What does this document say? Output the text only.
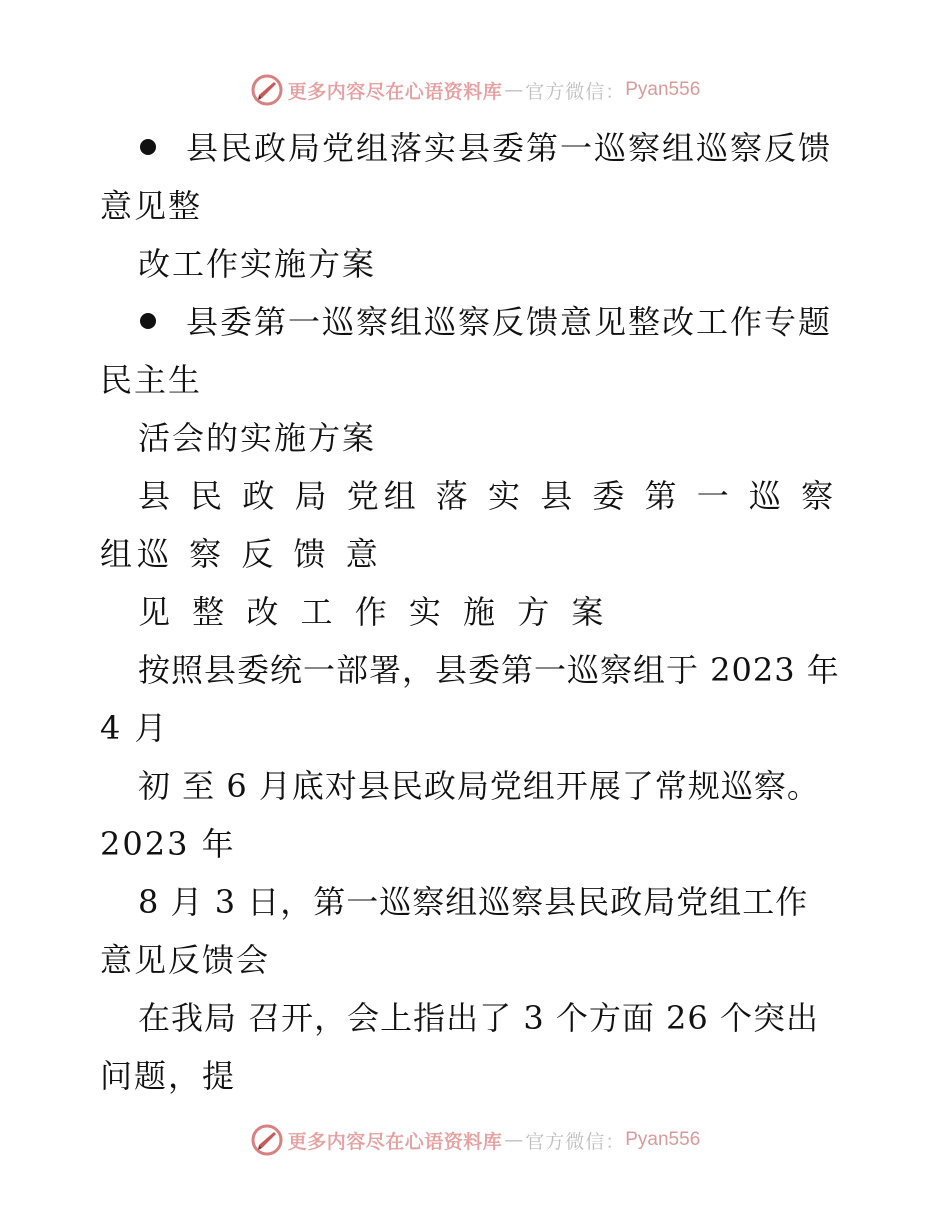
更多内容尽在心语资料库 — 官方微信： Pyan556
县民政局党组落实县委第一巡察组巡察反馈
意见整
改工作实施方案
县委第一巡察组巡察反馈意见整改工作专题
民主生
活会的实施方案
县 民 政 局 党组 落 实 县 委 第 一 巡 察
组巡 察 反 馈 意
见 整 改 工 作 实 施 方 案
按照县委统一部署，县委第一巡察组于 2023 年
4 月
初 至 6 月底对县民政局党组开展了常规巡察。
2023 年
8 月 3 日，第一巡察组巡察县民政局党组工作
意见反馈会
在我局 召开，会上指出了 3 个方面 26 个突出
问题，提
更多内容尽在心语资料库 — 官方微信： Pyan556
